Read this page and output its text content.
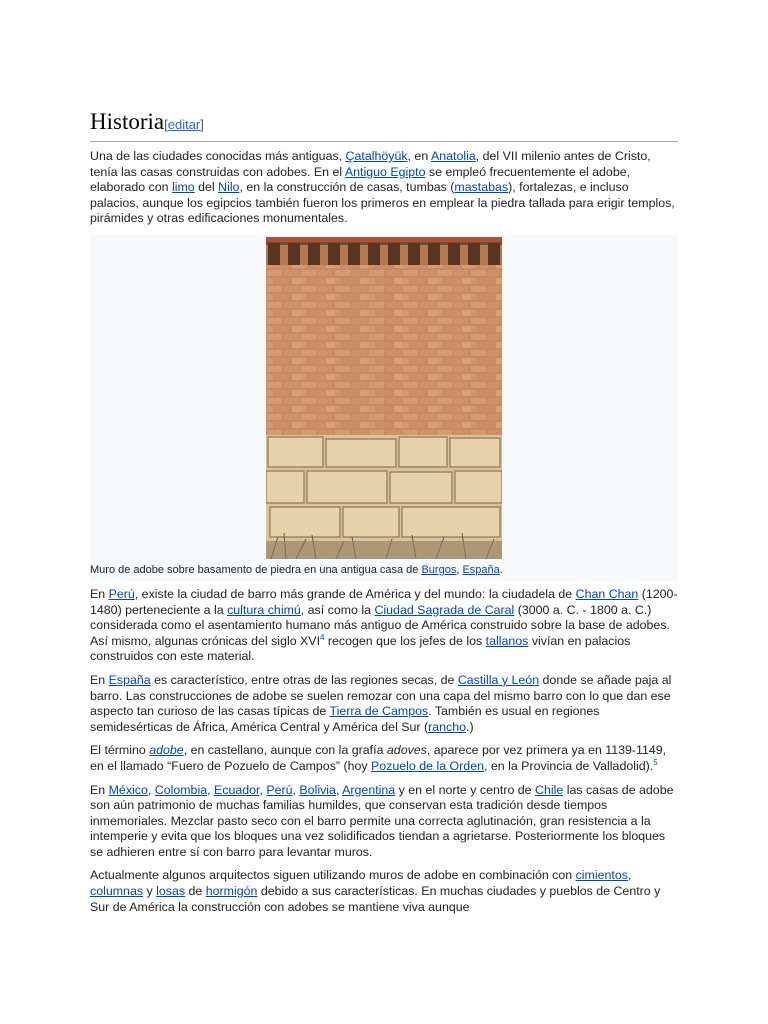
Historia[editar]

Una de las ciudades conocidas más antiguas, Çatalhöyük, en Anatolia, del VII milenio antes de Cristo, tenía las casas construidas con adobes. En el Antiguo Egipto se empleó frecuentemente el adobe, elaborado con limo del Nilo, en la construcción de casas, tumbas (mastabas), fortalezas, e incluso palacios, aunque los egipcios también fueron los primeros en emplear la piedra tallada para erigir templos, pirámides y otras edificaciones monumentales.

Muro de adobe sobre basamento de piedra en una antigua casa de Burgos, España.

En Perú, existe la ciudad de barro más grande de América y del mundo: la ciudadela de Chan Chan (1200-1480) perteneciente a la cultura chimú, así como la Ciudad Sagrada de Caral (3000 a. C. - 1800 a. C.) considerada como el asentamiento humano más antiguo de América construido sobre la base de adobes. Así mismo, algunas crónicas del siglo XVI$^4$ recogen que los jefes de los tallanos vivían en palacios construidos con este material.

En España es característico, entre otras de las regiones secas, de Castilla y León donde se añade paja al barro. Las construcciones de adobe se suelen remozar con una capa del mismo barro con lo que dan ese aspecto tan curioso de las casas típicas de Tierra de Campos. También es usual en regiones semidesérticas de África, América Central y América del Sur (rancho.)

El término adobe, en castellano, aunque con la grafía adoves, aparece por vez primera ya en 1139-1149, en el llamado “Fuero de Pozuelo de Campos” (hoy Pozuelo de la Orden, en la Provincia de Valladolid).$^5$

En México, Colombia, Ecuador, Perú, Bolivia, Argentina y en el norte y centro de Chile las casas de adobe son aún patrimonio de muchas familias humildes, que conservan esta tradición desde tiempos inmemoriales. Mezclar pasto seco con el barro permite una correcta aglutinación, gran resistencia a la intemperie y evita que los bloques una vez solidificados tiendan a agrietarse. Posteriormente los bloques se adhieren entre sí con barro para levantar muros.

Actualmente algunos arquitectos siguen utilizando muros de adobe en combinación con cimientos, columnas y losas de hormigón debido a sus características. En muchas ciudades y pueblos de Centro y Sur de América la construcción con adobes se mantiene viva aunque
